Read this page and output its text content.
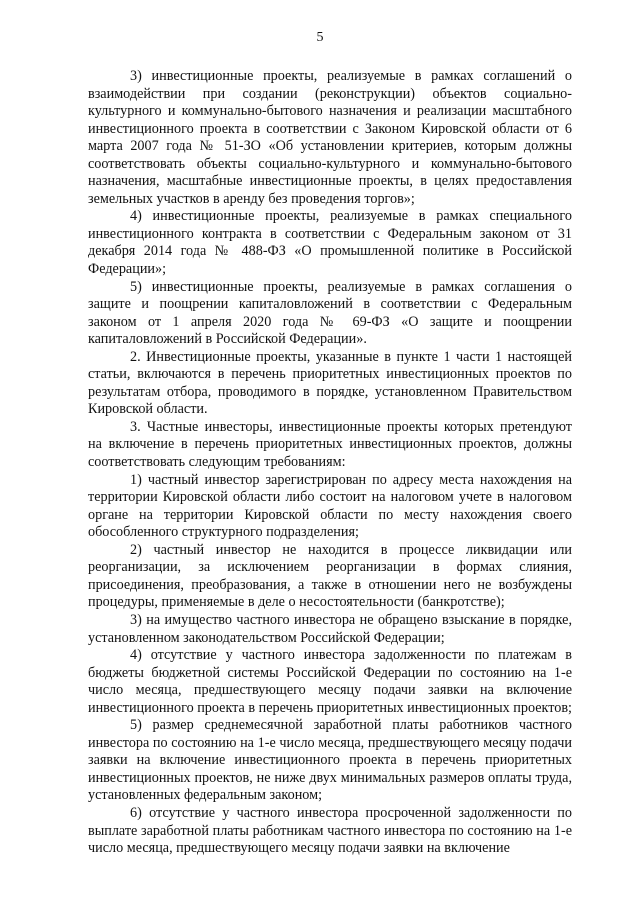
5

3) инвестиционные проекты, реализуемые в рамках соглашений о взаимодействии при создании (реконструкции) объектов социально-культурного и коммунально-бытового назначения и реализации масштабного инвестиционного проекта в соответствии с Законом Кировской области от 6 марта 2007 года № 51-ЗО «Об установлении критериев, которым должны соответствовать объекты социально-культурного и коммунально-бытового назначения, масштабные инвестиционные проекты, в целях предоставления земельных участков в аренду без проведения торгов»;

4) инвестиционные проекты, реализуемые в рамках специального инвестиционного контракта в соответствии с Федеральным законом от 31 декабря 2014 года № 488-ФЗ «О промышленной политике в Российской Федерации»;

5) инвестиционные проекты, реализуемые в рамках соглашения о защите и поощрении капиталовложений в соответствии с Федеральным законом от 1 апреля 2020 года № 69-ФЗ «О защите и поощрении капиталовложений в Российской Федерации».

2. Инвестиционные проекты, указанные в пункте 1 части 1 настоящей статьи, включаются в перечень приоритетных инвестиционных проектов по результатам отбора, проводимого в порядке, установленном Правительством Кировской области.

3. Частные инвесторы, инвестиционные проекты которых претендуют на включение в перечень приоритетных инвестиционных проектов, должны соответствовать следующим требованиям:

1) частный инвестор зарегистрирован по адресу места нахождения на территории Кировской области либо состоит на налоговом учете в налоговом органе на территории Кировской области по месту нахождения своего обособленного структурного подразделения;

2) частный инвестор не находится в процессе ликвидации или реорганизации, за исключением реорганизации в формах слияния, присоединения, преобразования, а также в отношении него не возбуждены процедуры, применяемые в деле о несостоятельности (банкротстве);

3) на имущество частного инвестора не обращено взыскание в порядке, установленном законодательством Российской Федерации;

4) отсутствие у частного инвестора задолженности по платежам в бюджеты бюджетной системы Российской Федерации по состоянию на 1-е число месяца, предшествующего месяцу подачи заявки на включение инвестиционного проекта в перечень приоритетных инвестиционных проектов;

5) размер среднемесячной заработной платы работников частного инвестора по состоянию на 1-е число месяца, предшествующего месяцу подачи заявки на включение инвестиционного проекта в перечень приоритетных инвестиционных проектов, не ниже двух минимальных размеров оплаты труда, установленных федеральным законом;

6) отсутствие у частного инвестора просроченной задолженности по выплате заработной платы работникам частного инвестора по состоянию на 1-е число месяца, предшествующего месяцу подачи заявки на включение
